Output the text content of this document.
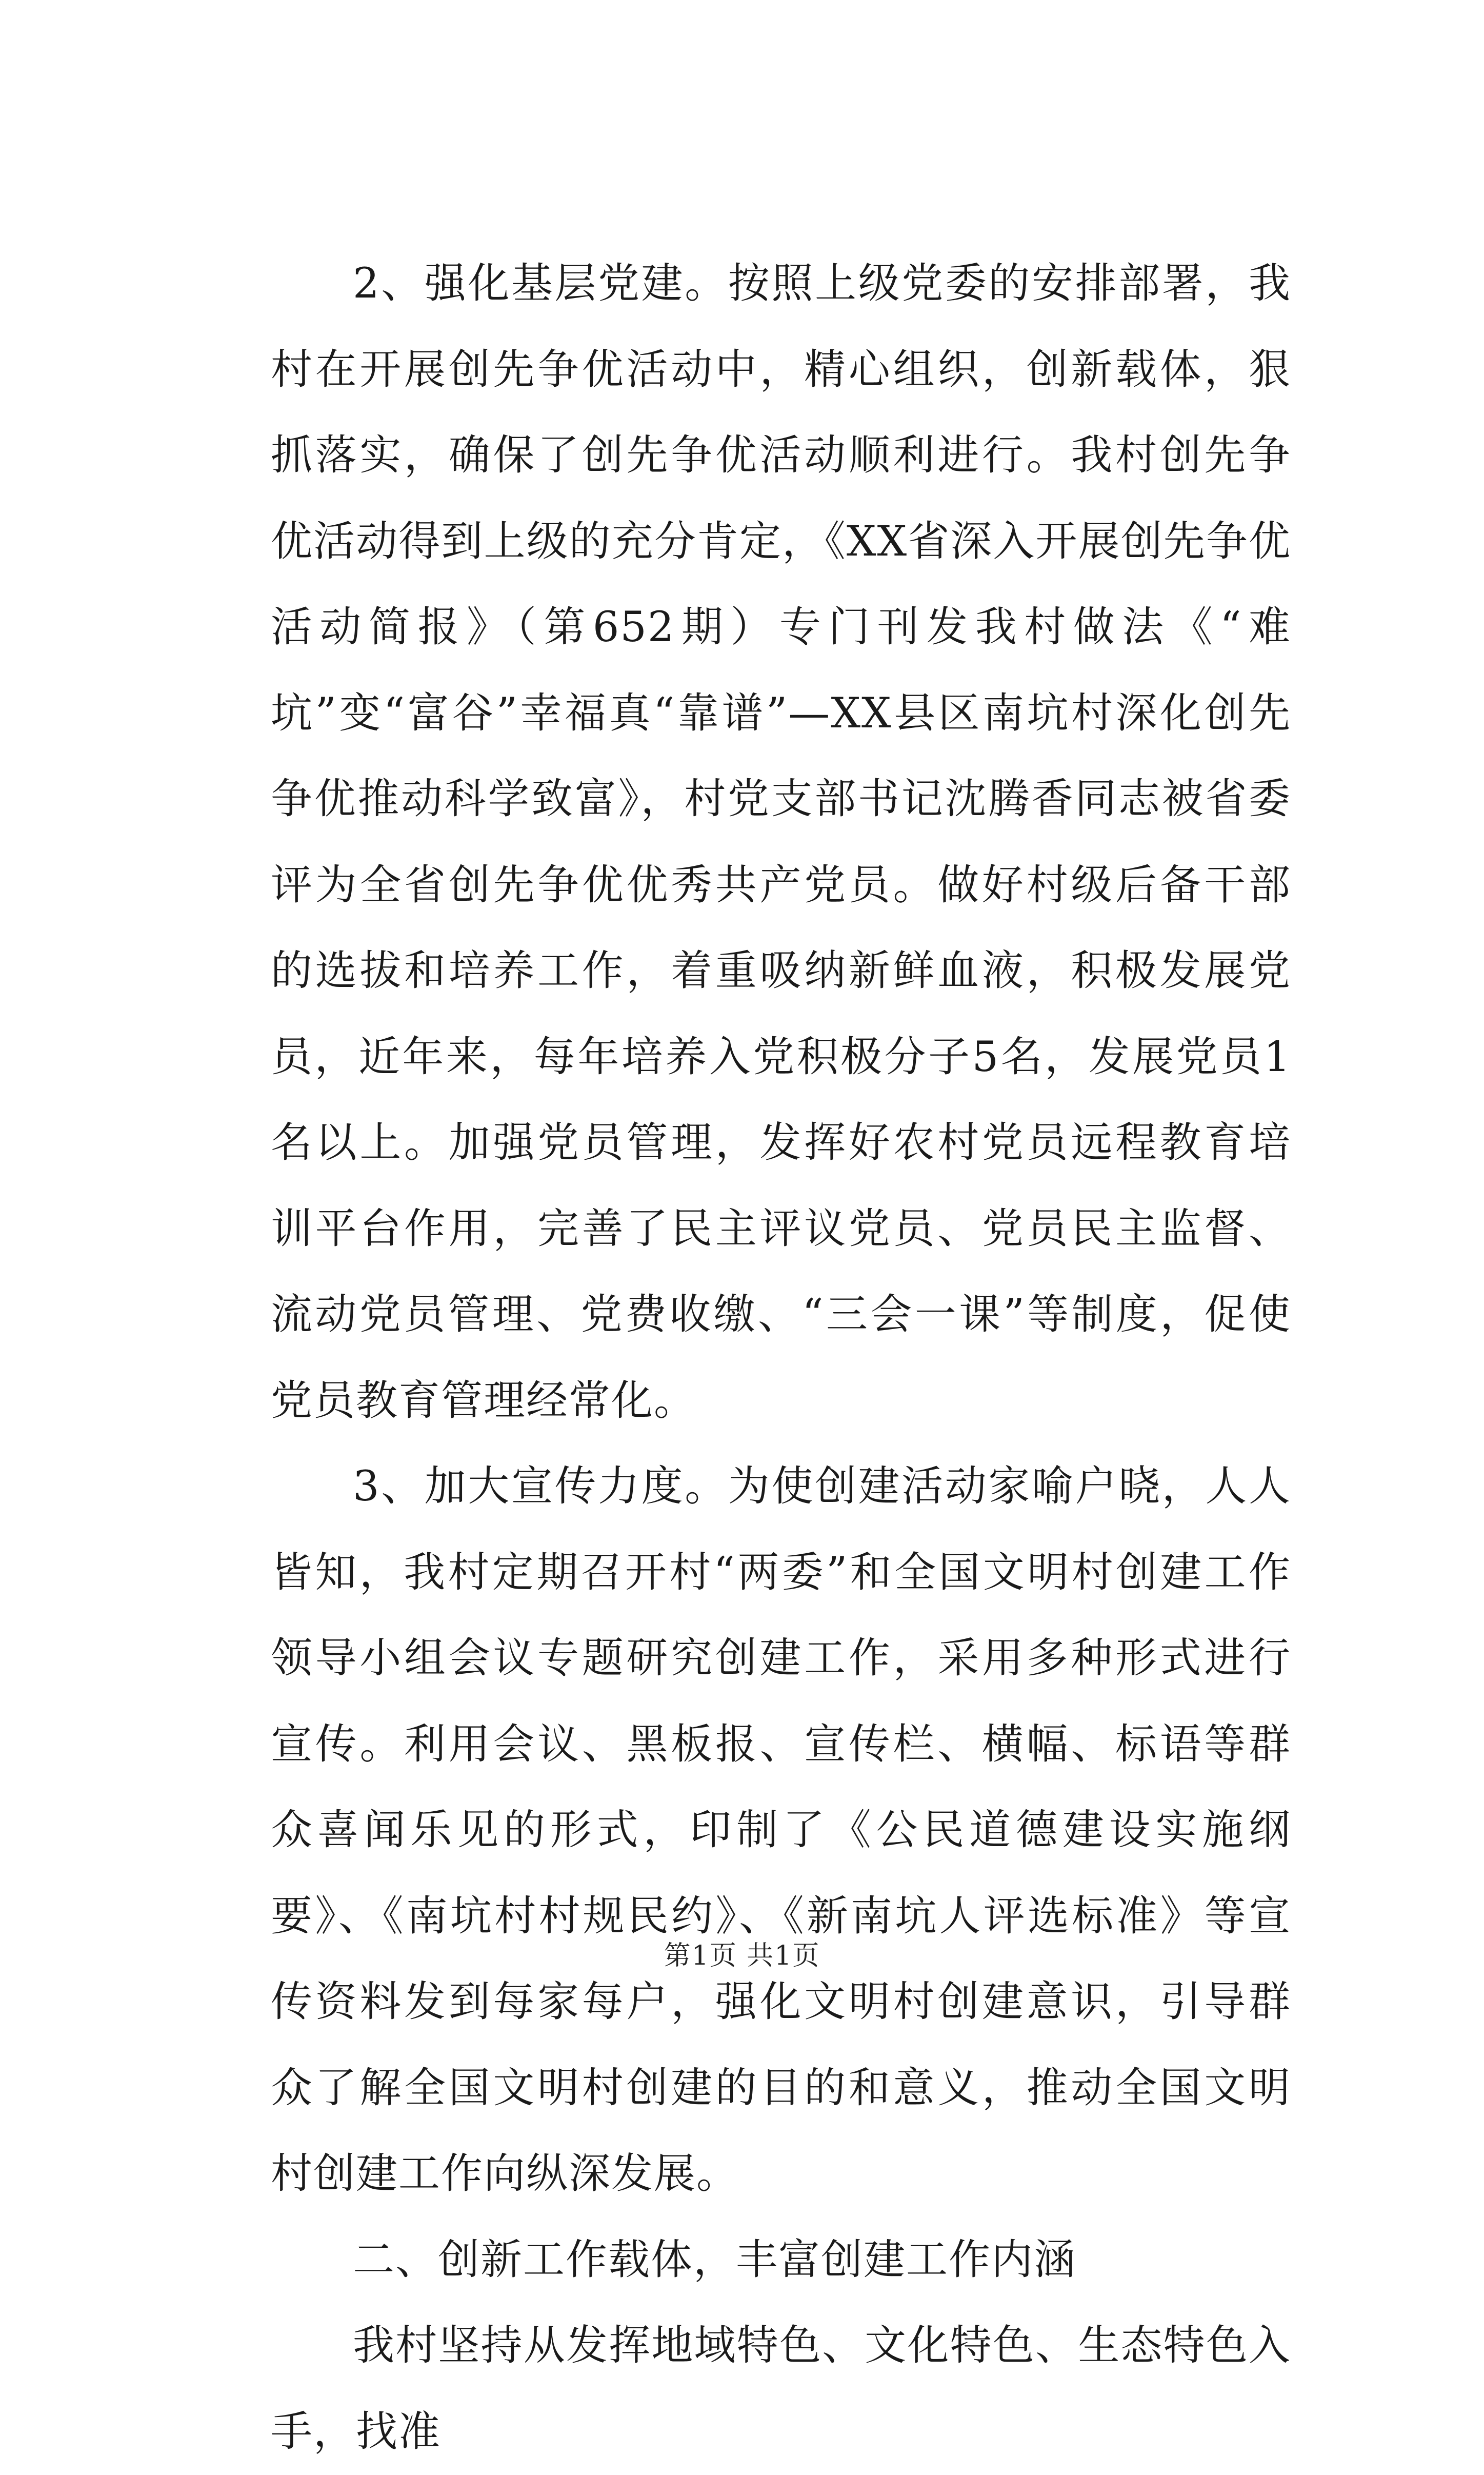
2、强化基层党建。按照上级党委的安排部署，我村在开展创先争优活动中，精心组织，创新载体，狠抓落实，确保了创先争优活动顺利进行。我村创先争优活动得到上级的充分肯定，《XX省深入开展创先争优活动简报》（第652期）专门刊发我村做法《“难坑”变“富谷”幸福真“靠谱”—XX县区南坑村深化创先争优推动科学致富》，村党支部书记沈腾香同志被省委评为全省创先争优优秀共产党员。做好村级后备干部的选拔和培养工作，着重吸纳新鲜血液，积极发展党员，近年来，每年培养入党积极分子5名，发展党员1名以上。加强党员管理，发挥好农村党员远程教育培训平台作用，完善了民主评议党员、党员民主监督、流动党员管理、党费收缴、“三会一课”等制度，促使党员教育管理经常化。

3、加大宣传力度。为使创建活动家喻户晓，人人皆知，我村定期召开村“两委”和全国文明村创建工作领导小组会议专题研究创建工作，采用多种形式进行宣传。利用会议、黑板报、宣传栏、横幅、标语等群众喜闻乐见的形式，印制了《公民道德建设实施纲要》、《南坑村村规民约》、《新南坑人评选标准》等宣传资料发到每家每户，强化文明村创建意识，引导群众了解全国文明村创建的目的和意义，推动全国文明村创建工作向纵深发展。

二、创新工作载体，丰富创建工作内涵

我村坚持从发挥地域特色、文化特色、生态特色入手，找准

第1页 共1页
